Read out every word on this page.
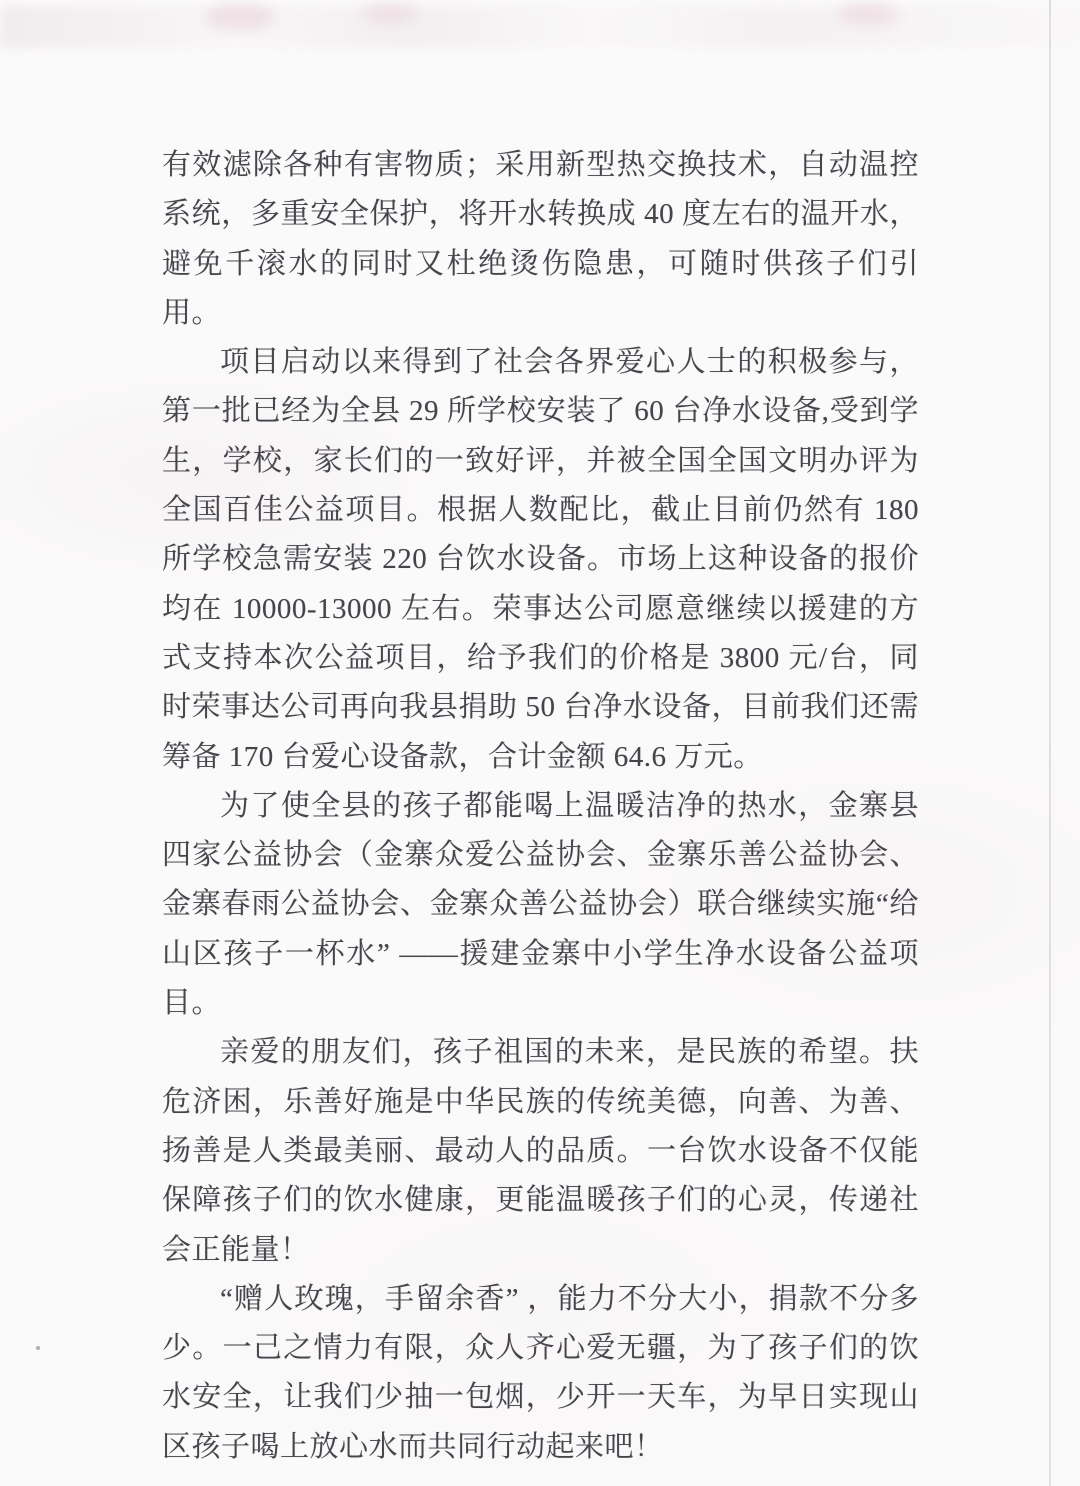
有效滤除各种有害物质；采用新型热交换技术，自动温控系统，多重安全保护，将开水转换成 40 度左右的温开水，避免千滚水的同时又杜绝烫伤隐患，可随时供孩子们引用。

项目启动以来得到了社会各界爱心人士的积极参与，第一批已经为全县 29 所学校安装了 60 台净水设备,受到学生，学校，家长们的一致好评，并被全国全国文明办评为全国百佳公益项目。根据人数配比，截止目前仍然有 180 所学校急需安装 220 台饮水设备。市场上这种设备的报价均在 10000-13000 左右。荣事达公司愿意继续以援建的方式支持本次公益项目，给予我们的价格是 3800 元/台，同时荣事达公司再向我县捐助 50 台净水设备，目前我们还需筹备 170 台爱心设备款，合计金额 64.6 万元。

为了使全县的孩子都能喝上温暖洁净的热水，金寨县四家公益协会（金寨众爱公益协会、金寨乐善公益协会、金寨春雨公益协会、金寨众善公益协会）联合继续实施“给山区孩子一杯水” ——援建金寨中小学生净水设备公益项目。

亲爱的朋友们，孩子祖国的未来，是民族的希望。扶危济困，乐善好施是中华民族的传统美德，向善、为善、扬善是人类最美丽、最动人的品质。一台饮水设备不仅能保障孩子们的饮水健康，更能温暖孩子们的心灵，传递社会正能量！

“赠人玫瑰，手留余香” ，能力不分大小，捐款不分多少。一己之情力有限，众人齐心爱无疆，为了孩子们的饮水安全，让我们少抽一包烟，少开一天车，为早日实现山区孩子喝上放心水而共同行动起来吧！
